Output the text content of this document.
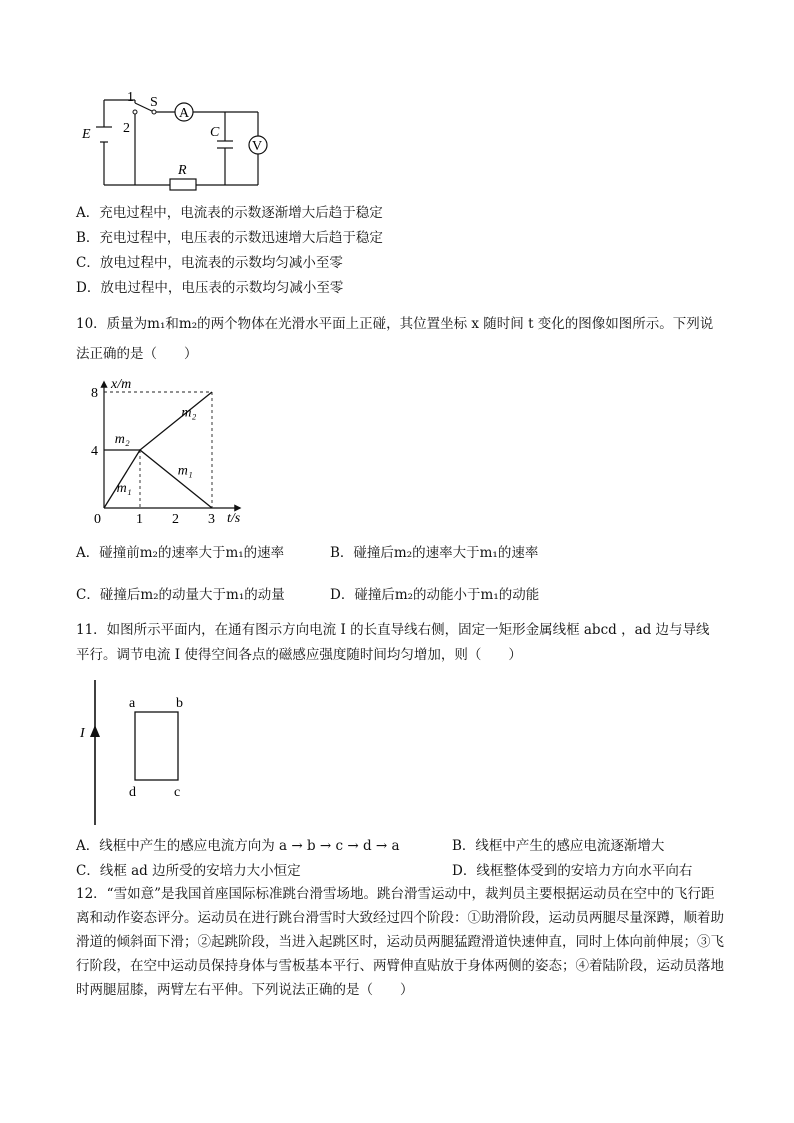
1
2
S
A
V
C
E
R
A．充电过程中，电流表的示数逐渐增大后趋于稳定
B．充电过程中，电压表的示数迅速增大后趋于稳定
C．放电过程中，电流表的示数均匀减小至零
D．放电过程中，电压表的示数均匀减小至零
10．质量为m₁和m₂的两个物体在光滑水平面上正碰，其位置坐标 x 随时间 t 变化的图像如图所示。下列说
法正确的是（　　）
0	1 2 3
4
8
m₂
m₂
m₁
m₁
x/m
t/s
A．碰撞前m₂的速率大于m₁的速率	B．碰撞后m₂的速率大于m₁的速率
C．碰撞后m₂的动量大于m₁的动量	D．碰撞后m₂的动能小于m₁的动能
11．如图所示平面内，在通有图示方向电流 I 的长直导线右侧，固定一矩形金属线框 abcd ，ad 边与导线
平行。调节电流 I 使得空间各点的磁感应强度随时间均匀增加，则（　　）
I
a	b
d	c
A．线框中产生的感应电流方向为 a → b → c → d → a	B．线框中产生的感应电流逐渐增大
C．线框 ad 边所受的安培力大小恒定	D．线框整体受到的安培力方向水平向右
12．“雪如意”是我国首座国际标准跳台滑雪场地。跳台滑雪运动中，裁判员主要根据运动员在空中的飞行距离和动作姿态评分。运动员在进行跳台滑雪时大致经过四个阶段：①助滑阶段，运动员两腿尽量深蹲，顺着助滑道的倾斜面下滑；②起跳阶段，当进入起跳区时，运动员两腿猛蹬滑道快速伸直，同时上体向前伸展；③飞行阶段，在空中运动员保持身体与雪板基本平行、两臂伸直贴放于身体两侧的姿态；④着陆阶段，运动员落地时两腿屈膝，两臂左右平伸。下列说法正确的是（　　）
